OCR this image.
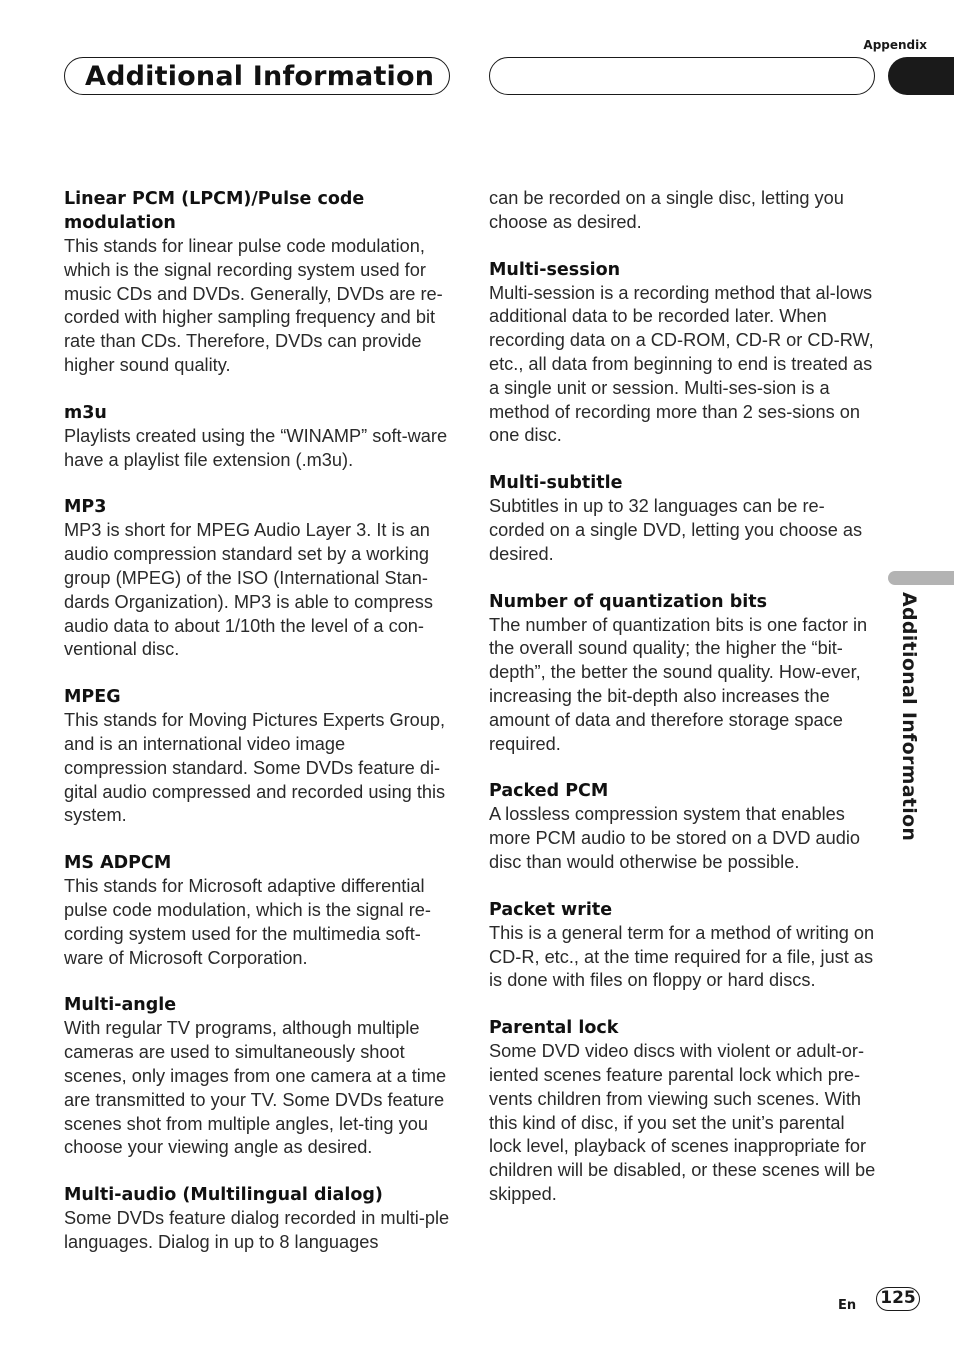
Appendix
Additional Information
Additional Information
Linear PCM (LPCM)/Pulse code modulation
This stands for linear pulse code modulation, which is the signal recording system used for music CDs and DVDs. Generally, DVDs are re-corded with higher sampling frequency and bit rate than CDs. Therefore, DVDs can provide higher sound quality.
m3u
Playlists created using the “WINAMP” soft-ware have a playlist file extension (.m3u).
MP3
MP3 is short for MPEG Audio Layer 3. It is an audio compression standard set by a working group (MPEG) of the ISO (International Stan-dards Organization). MP3 is able to compress audio data to about 1/10th the level of a con-ventional disc.
MPEG
This stands for Moving Pictures Experts Group, and is an international video image compression standard. Some DVDs feature di-gital audio compressed and recorded using this system.
MS ADPCM
This stands for Microsoft adaptive differential pulse code modulation, which is the signal re-cording system used for the multimedia soft-ware of Microsoft Corporation.
Multi-angle
With regular TV programs, although multiple cameras are used to simultaneously shoot scenes, only images from one camera at a time are transmitted to your TV. Some DVDs feature scenes shot from multiple angles, let-ting you choose your viewing angle as desired.
Multi-audio (Multilingual dialog)
Some DVDs feature dialog recorded in multi-ple languages. Dialog in up to 8 languages
can be recorded on a single disc, letting you choose as desired.
Multi-session
Multi-session is a recording method that al-lows additional data to be recorded later. When recording data on a CD-ROM, CD-R or CD-RW, etc., all data from beginning to end is treated as a single unit or session. Multi-ses-sion is a method of recording more than 2 ses-sions on one disc.
Multi-subtitle
Subtitles in up to 32 languages can be re-corded on a single DVD, letting you choose as desired.
Number of quantization bits
The number of quantization bits is one factor in the overall sound quality; the higher the “bit-depth”, the better the sound quality. How-ever, increasing the bit-depth also increases the amount of data and therefore storage space required.
Packed PCM
A lossless compression system that enables more PCM audio to be stored on a DVD audio disc than would otherwise be possible.
Packet write
This is a general term for a method of writing on CD-R, etc., at the time required for a file, just as is done with files on floppy or hard discs.
Parental lock
Some DVD video discs with violent or adult-or-iented scenes feature parental lock which pre-vents children from viewing such scenes. With this kind of disc, if you set the unit’s parental lock level, playback of scenes inappropriate for children will be disabled, or these scenes will be skipped.
En 125
